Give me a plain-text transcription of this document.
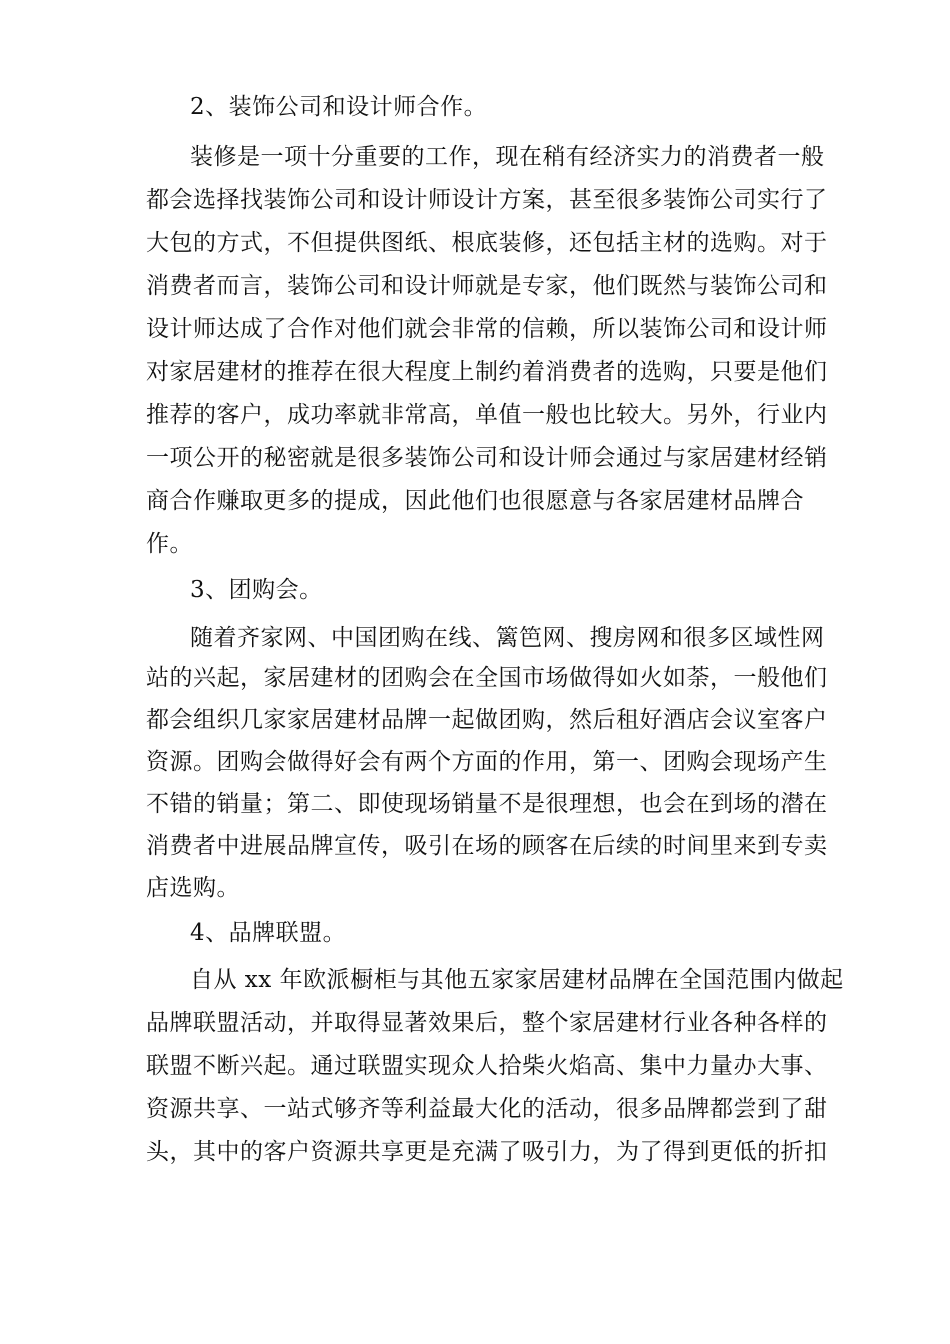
2、装饰公司和设计师合作。
装修是一项十分重要的工作，现在稍有经济实力的消费者一般
都会选择找装饰公司和设计师设计方案，甚至很多装饰公司实行了
大包的方式，不但提供图纸、根底装修，还包括主材的选购。对于
消费者而言，装饰公司和设计师就是专家，他们既然与装饰公司和
设计师达成了合作对他们就会非常的信赖，所以装饰公司和设计师
对家居建材的推荐在很大程度上制约着消费者的选购，只要是他们
推荐的客户，成功率就非常高，单值一般也比较大。另外，行业内
一项公开的秘密就是很多装饰公司和设计师会通过与家居建材经销
商合作赚取更多的提成，因此他们也很愿意与各家居建材品牌合
作。
3、团购会。
随着齐家网、中国团购在线、篱笆网、搜房网和很多区域性网
站的兴起，家居建材的团购会在全国市场做得如火如荼，一般他们
都会组织几家家居建材品牌一起做团购，然后租好酒店会议室客户
资源。团购会做得好会有两个方面的作用，第一、团购会现场产生
不错的销量；第二、即使现场销量不是很理想，也会在到场的潜在
消费者中进展品牌宣传，吸引在场的顾客在后续的时间里来到专卖
店选购。
4、品牌联盟。
自从 xx 年欧派橱柜与其他五家家居建材品牌在全国范围内做起
品牌联盟活动，并取得显著效果后，整个家居建材行业各种各样的
联盟不断兴起。通过联盟实现众人拾柴火焰高、集中力量办大事、
资源共享、一站式够齐等利益最大化的活动，很多品牌都尝到了甜
头，其中的客户资源共享更是充满了吸引力，为了得到更低的折扣
